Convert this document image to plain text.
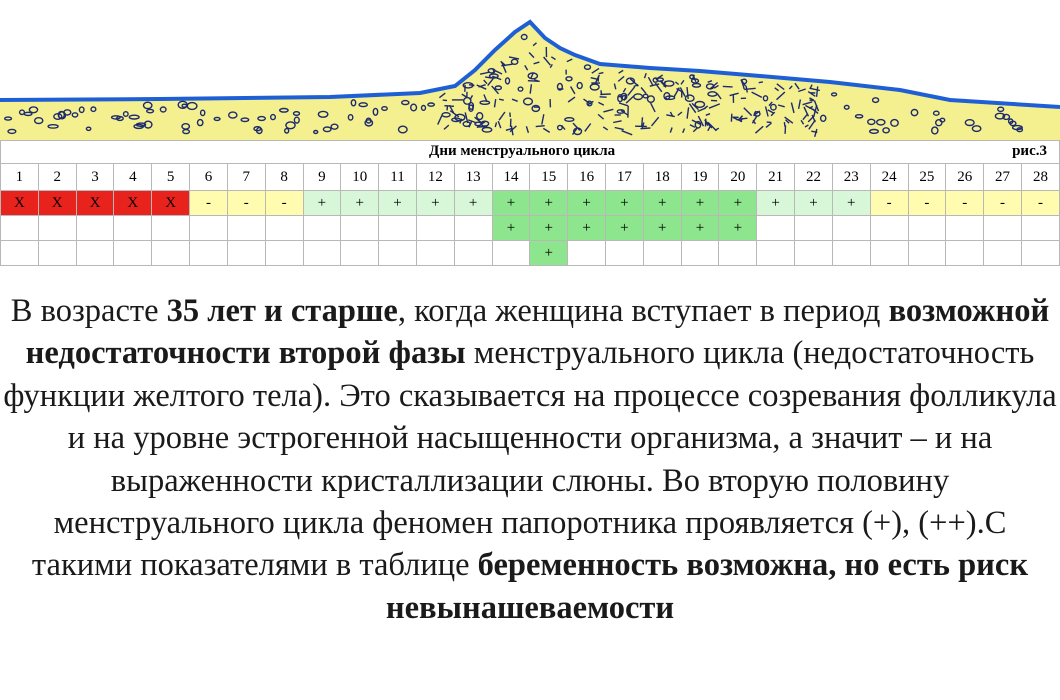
Дни менструального цикла рис.3																											

1	2	3	4	5	6	7	8	9	10	11	12	13	14	15	16	17	18	19	20	21	22	23	24	25	26	27	28
X	X	X	X	X	-	-	-	+	+	+	+	+	+	+	+	+	+	+	+	+	+	+	-	-	-	-	-
													+	+	+	+	+	+	+								
														+													
В возрасте 35 лет и старше, когда женщина вступает в период возможной недостаточности второй фазы менструального цикла (недостаточность функции желтого тела). Это сказывается на процессе созревания фолликула и на уровне эстрогенной насыщенности организма, а значит – и на выраженности кристаллизации слюны. Во вторую половину менструального цикла феномен папоротника проявляется (+), (++).С такими показателями в таблице беременность возможна, но есть риск невынашеваемости
